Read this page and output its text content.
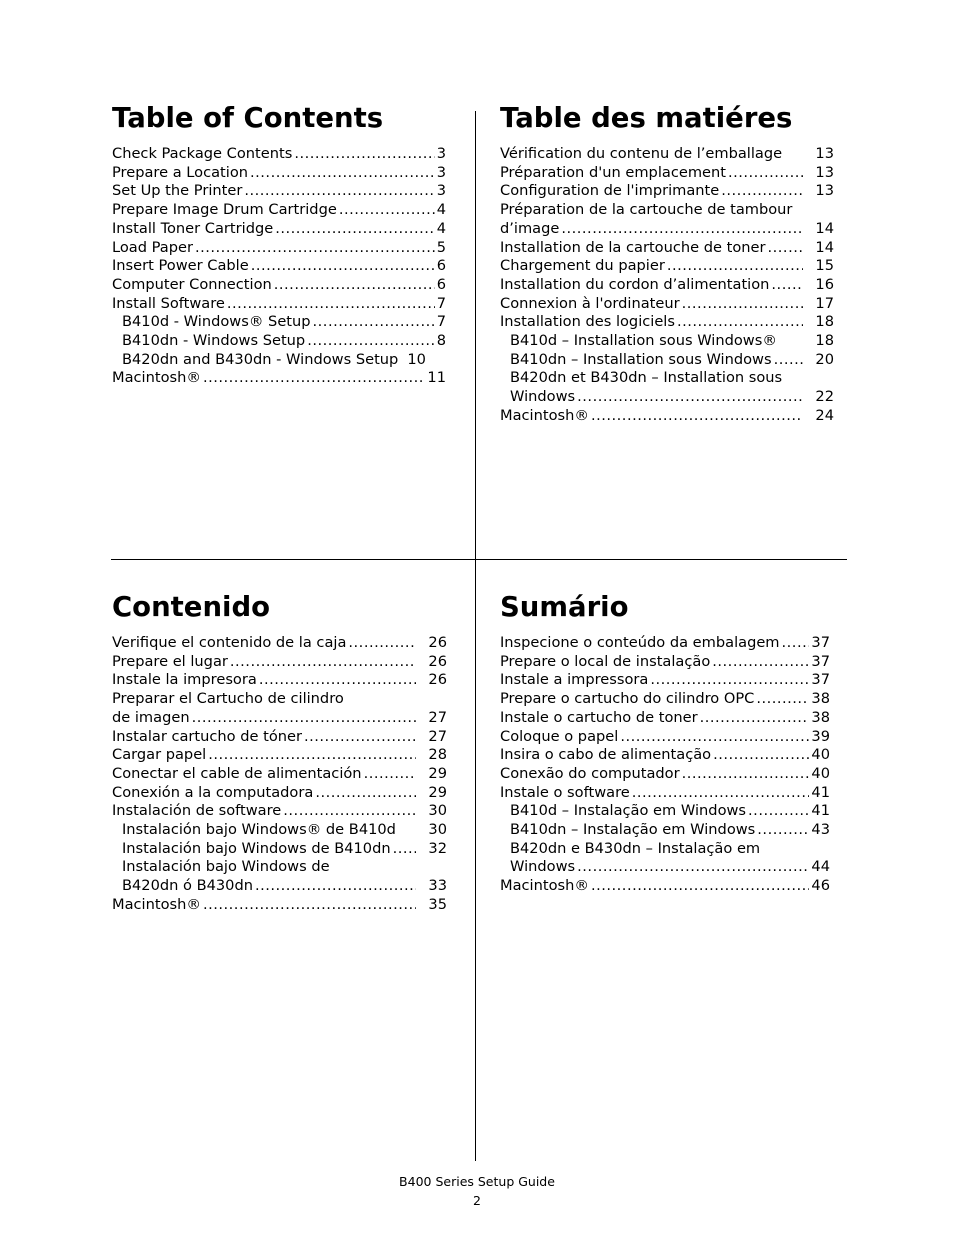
Table of Contents
Check Package Contents .....	3
Prepare a Location .....	3
Set Up the Printer .....	3
Prepare Image Drum Cartridge .....	4
Install Toner Cartridge .....	4
Load Paper .....	5
Insert Power Cable .....	6
Computer Connection .....	6
Install Software .....	7
B410d - Windows® Setup .....	7
B410dn - Windows Setup .....	8
B420dn and B430dn - Windows Setup 10
Macintosh® .....	11
Table des matiéres
Vérification du contenu de l’emballage	13
Préparation d'un emplacement .....	13
Configuration de l'imprimante .....	13
Préparation de la cartouche de tambour
d’image .....	14
Installation de la cartouche de toner .....	14
Chargement du papier .....	15
Installation du cordon d’alimentation .....	16
Connexion à l'ordinateur .....	17
Installation des logiciels .....	18
B410d – Installation sous Windows®	18
B410dn – Installation sous Windows .....	20
B420dn et B430dn – Installation sous
Windows .....	22
Macintosh® .....	24
Contenido
Verifique el contenido de la caja .....	26
Prepare el lugar .....	26
Instale la impresora .....	26
Preparar el Cartucho de cilindro
de imagen .....	27
Instalar cartucho de tóner .....	27
Cargar papel .....	28
Conectar el cable de alimentación .....	29
Conexión a la computadora .....	29
Instalación de software .....	30
Instalación bajo Windows® de B410d	30
Instalación bajo Windows de B410dn .....	32
Instalación bajo Windows de
B420dn ó B430dn .....	33
Macintosh® .....	35
Sumário
Inspecione o conteúdo da embalagem ..... 37
Prepare o local de instalação .....	37
Instale a impressora .....	37
Prepare o cartucho do cilindro OPC .....	38
Instale o cartucho de toner .....	38
Coloque o papel .....	39
Insira o cabo de alimentação .....	40
Conexão do computador .....	40
Instale o software .....	41
B410d – Instalação em Windows .....	41
B410dn – Instalação em Windows .....	43
B420dn e B430dn – Instalação em
Windows .....	44
Macintosh® .....	46
B400 Series Setup Guide
2
